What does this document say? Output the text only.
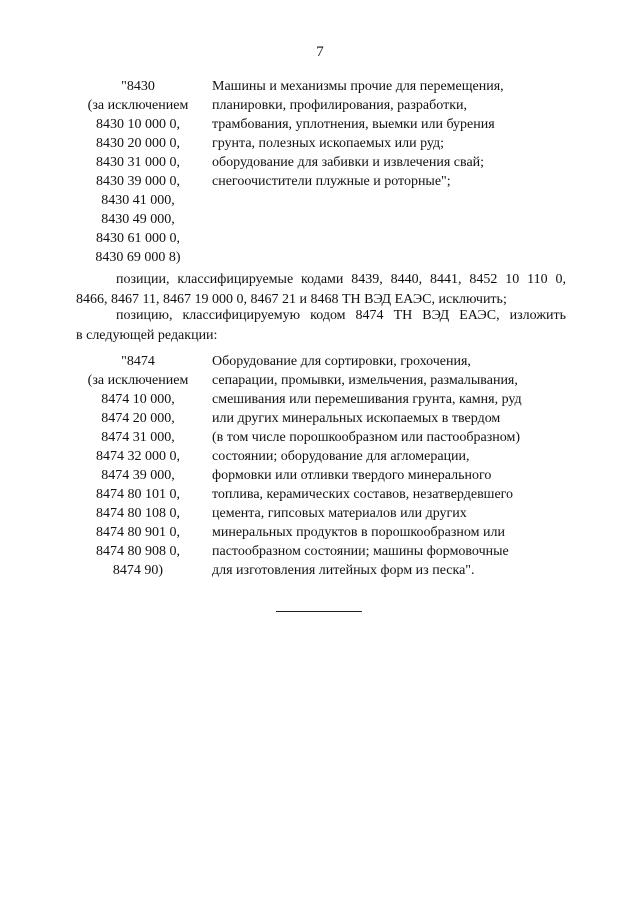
7
"8430
(за исключением
8430 10 000 0,
8430 20 000 0,
8430 31 000 0,
8430 39 000 0,
8430 41 000,
8430 49 000,
8430 61 000 0,
8430 69 000 8)
Машины и механизмы прочие для перемещения,
планировки, профилирования, разработки,
трамбования, уплотнения, выемки или бурения
грунта, полезных ископаемых или руд;
оборудование для забивки и извлечения свай;
снегоочистители плужные и роторные";
позиции, классифицируемые кодами 8439, 8440, 8441, 8452 10 110 0,
8466, 8467 11, 8467 19 000 0, 8467 21 и 8468 ТН ВЭД ЕАЭС, исключить;
позицию, классифицируемую кодом 8474 ТН ВЭД ЕАЭС, изложить
в следующей редакции:
"8474
(за исключением
8474 10 000,
8474 20 000,
8474 31 000,
8474 32 000 0,
8474 39 000,
8474 80 101 0,
8474 80 108 0,
8474 80 901 0,
8474 80 908 0,
8474 90)
Оборудование для сортировки, грохочения,
сепарации, промывки, измельчения, размалывания,
смешивания или перемешивания грунта, камня, руд
или других минеральных ископаемых в твердом
(в том числе порошкообразном или пастообразном)
состоянии; оборудование для агломерации,
формовки или отливки твердого минерального
топлива, керамических составов, незатвердевшего
цемента, гипсовых материалов или других
минеральных продуктов в порошкообразном или
пастообразном состоянии; машины формовочные
для изготовления литейных форм из песка".
